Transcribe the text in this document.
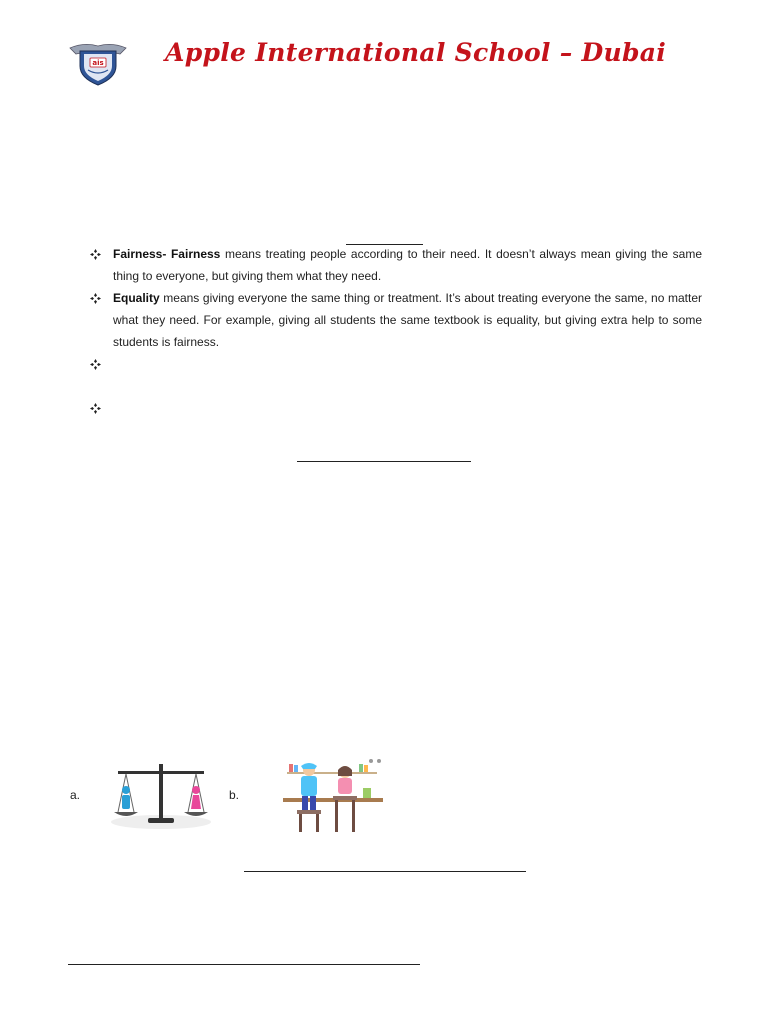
ais Apple International School – Dubai
Fairness- Fairness means treating people according to their need. It doesn’t always mean giving the same thing to everyone, but giving them what they need.
Equality means giving everyone the same thing or treatment. It’s about treating everyone the same, no matter what they need. For example, giving all students the same textbook is equality, but giving extra help to some students is fairness.
a.	b.
